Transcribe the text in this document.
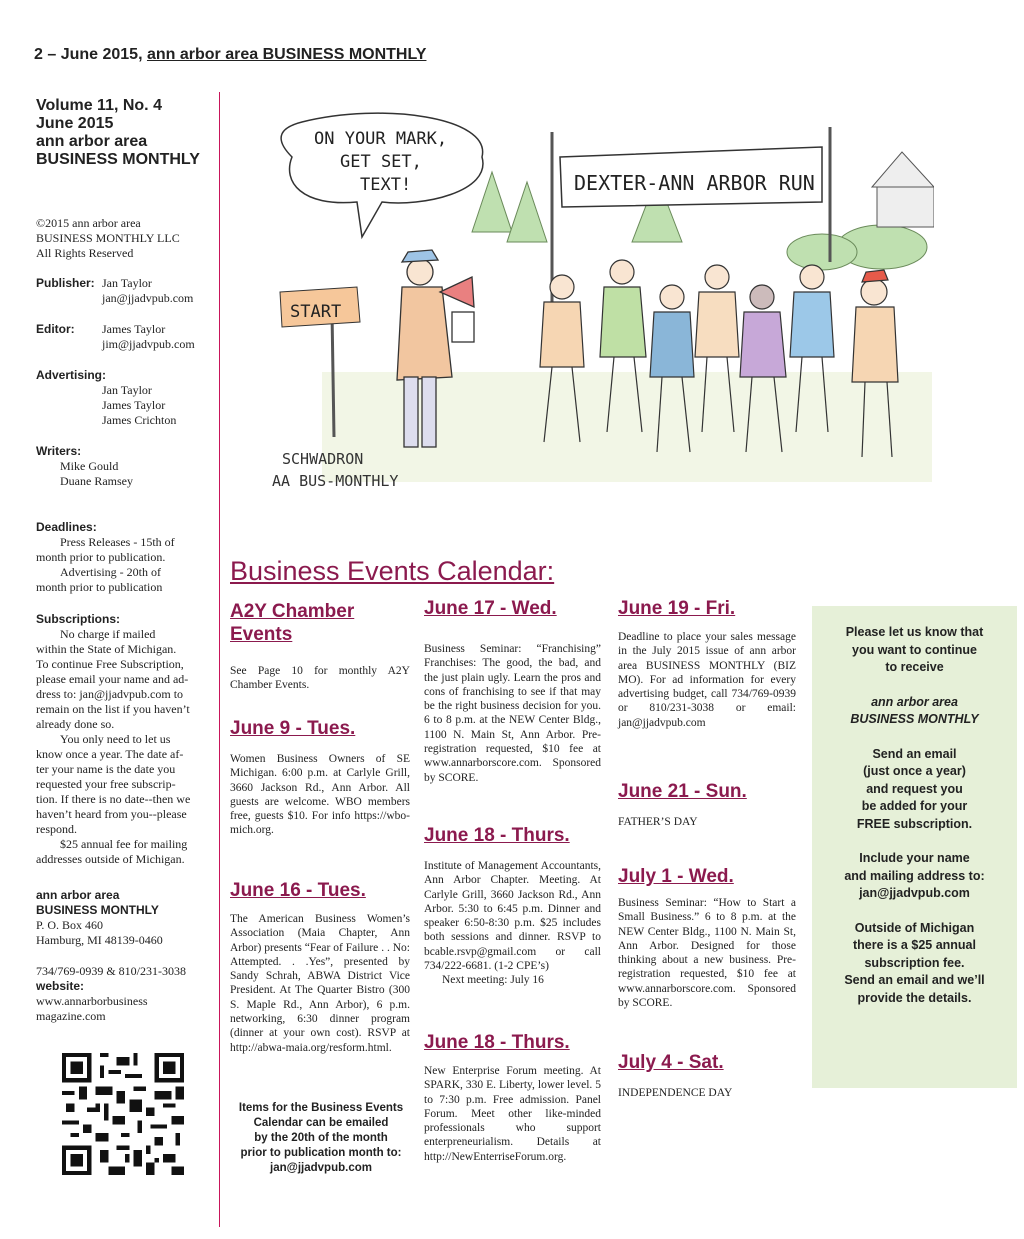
2 – June 2015, ann arbor area BUSINESS MONTHLY
Volume 11, No. 4
June 2015
ann arbor area
BUSINESS MONTHLY
©2015 ann arbor area
BUSINESS MONTHLY LLC
All Rights Reserved
Publisher: Jan Taylor
jan@jjadvpub.com
Editor: James Taylor
jim@jjadvpub.com
Advertising:
Jan Taylor
James Taylor
James Crichton
Writers:
Mike Gould
Duane Ramsey
Deadlines:
Press Releases - 15th of
month prior to publication.
Advertising - 20th of
month prior to publication
Subscriptions:
No charge if mailed
within the State of Michigan.
To continue Free Subscription,
please email your name and ad-
dress to: jan@jjadvpub.com to
remain on the list if you haven’t
already done so.
You only need to let us
know once a year. The date af-
ter your name is the date you
requested your free subscrip-
tion. If there is no date--then we
haven’t heard from you--please
respond.
$25 annual fee for mailing
addresses outside of Michigan.
ann arbor area
BUSINESS MONTHLY
P. O. Box 460
Hamburg, MI 48139-0460
734/769-0939 & 810/231-3038
website:
www.annarborbusiness
magazine.com
DEXTER-ANN ARBOR RUN
ON YOUR MARK,
GET SET,
TEXT!
START
SCHWADRON
AA BUS-MONTHLY
Business Events Calendar:
A2Y Chamber Events
See Page 10 for monthly A2Y Chamber Events.
June 9 - Tues.
Women Business Owners of SE Michigan. 6:00 p.m. at Carlyle Grill, 3660 Jackson Rd., Ann Arbor. All guests are welcome. WBO members free, guests $10. For info https://wbo-mich.org.
June 16 - Tues.
The American Business Women’s Association (Maia Chapter, Ann Arbor) presents “Fear of Failure . . No: Attempted. . .Yes”, presented by Sandy Schrah, ABWA District Vice President. At The Quarter Bistro (300 S. Maple Rd., Ann Arbor), 6 p.m. networking, 6:30 dinner program (dinner at your own cost). RSVP at http://abwa-maia.org/resform.html.
Items for the Business Events
Calendar can be emailed
by the 20th of the month
prior to publication month to:
jan@jjadvpub.com
June 17 - Wed.
Business Seminar: “Franchising” Franchises: The good, the bad, and the just plain ugly. Learn the pros and cons of franchising to see if that may be the right business decision for you. 6 to 8 p.m. at the NEW Center Bldg., 1100 N. Main St, Ann Arbor. Pre-registration requested, $10 fee at www.annarborscore.com. Sponsored by SCORE.
June 18 - Thurs.
Institute of Management Accountants, Ann Arbor Chapter. Meeting. At Carlyle Grill, 3660 Jackson Rd., Ann Arbor. 5:30 to 6:45 p.m. Dinner and speaker 6:50-8:30 p.m. $25 includes both sessions and dinner. RSVP to bcable.rsvp@gmail.com or call 734/222-6681. (1-2 CPE’s)
Next meeting: July 16
June 18 - Thurs.
New Enterprise Forum meeting. At SPARK, 330 E. Liberty, lower level. 5 to 7:30 p.m. Free admission. Panel Forum. Meet other like-minded professionals who support enterpreneurialism. Details at http://NewEnterriseForum.org.
June 19 - Fri.
Deadline to place your sales message in the July 2015 issue of ann arbor area BUSINESS MONTHLY (BIZ MO). For ad information for every advertising budget, call 734/769-0939 or 810/231-3038 or email: jan@jjadvpub.com
June 21 - Sun.
FATHER’S DAY
July 1 - Wed.
Business Seminar: “How to Start a Small Business.” 6 to 8 p.m. at the NEW Center Bldg., 1100 N. Main St, Ann Arbor. Designed for those thinking about a new business. Pre-registration requested, $10 fee at www.annarborscore.com. Sponsored by SCORE.
July 4 - Sat.
INDEPENDENCE DAY

Please let us know that

you want to continue

to receive

ann arbor area

BUSINESS MONTHLY

Send an email

(just once a year)

and request you

be added for your

FREE subscription.

Include your name

and mailing address to:

jan@jjadvpub.com

Outside of Michigan

there is a $25 annual

subscription fee.

Send an email and we’ll

provide the details.
